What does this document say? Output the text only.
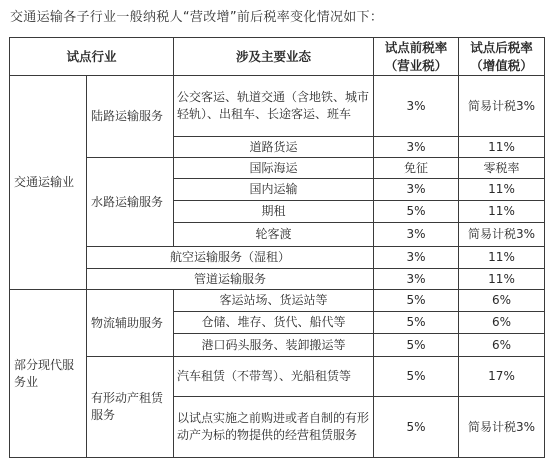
交通运输各子行业一般纳税人“营改增”前后税率变化情况如下：
试点行业		涉及主要业态	试点前税率（营业税）	试点后税率（增值税）
交通运输业	陆路运输服务	公交客运、轨道交通（含地铁、城市轻轨）、出租车、长途客运、班车	3%	简易计税3%
		道路货运	3%	11%
	水路运输服务	国际海运	免征	零税率
		国内运输	3%	11%
		期租	5%	11%
		轮客渡	3%	简易计税3%
	航空运输服务（湿租）		3%	11%
	管道运输服务		3%	11%
部分现代服务业	物流辅助服务	客运站场、货运站等	5%	6%
		仓储、堆存、货代、船代等	5%	6%
		港口码头服务、装卸搬运等	5%	6%
	有形动产租赁服务	汽车租赁（不带驾）、光船租赁等	5%	17%
		以试点实施之前购进或者自制的有形动产为标的物提供的经营租赁服务	5%	简易计税3%
